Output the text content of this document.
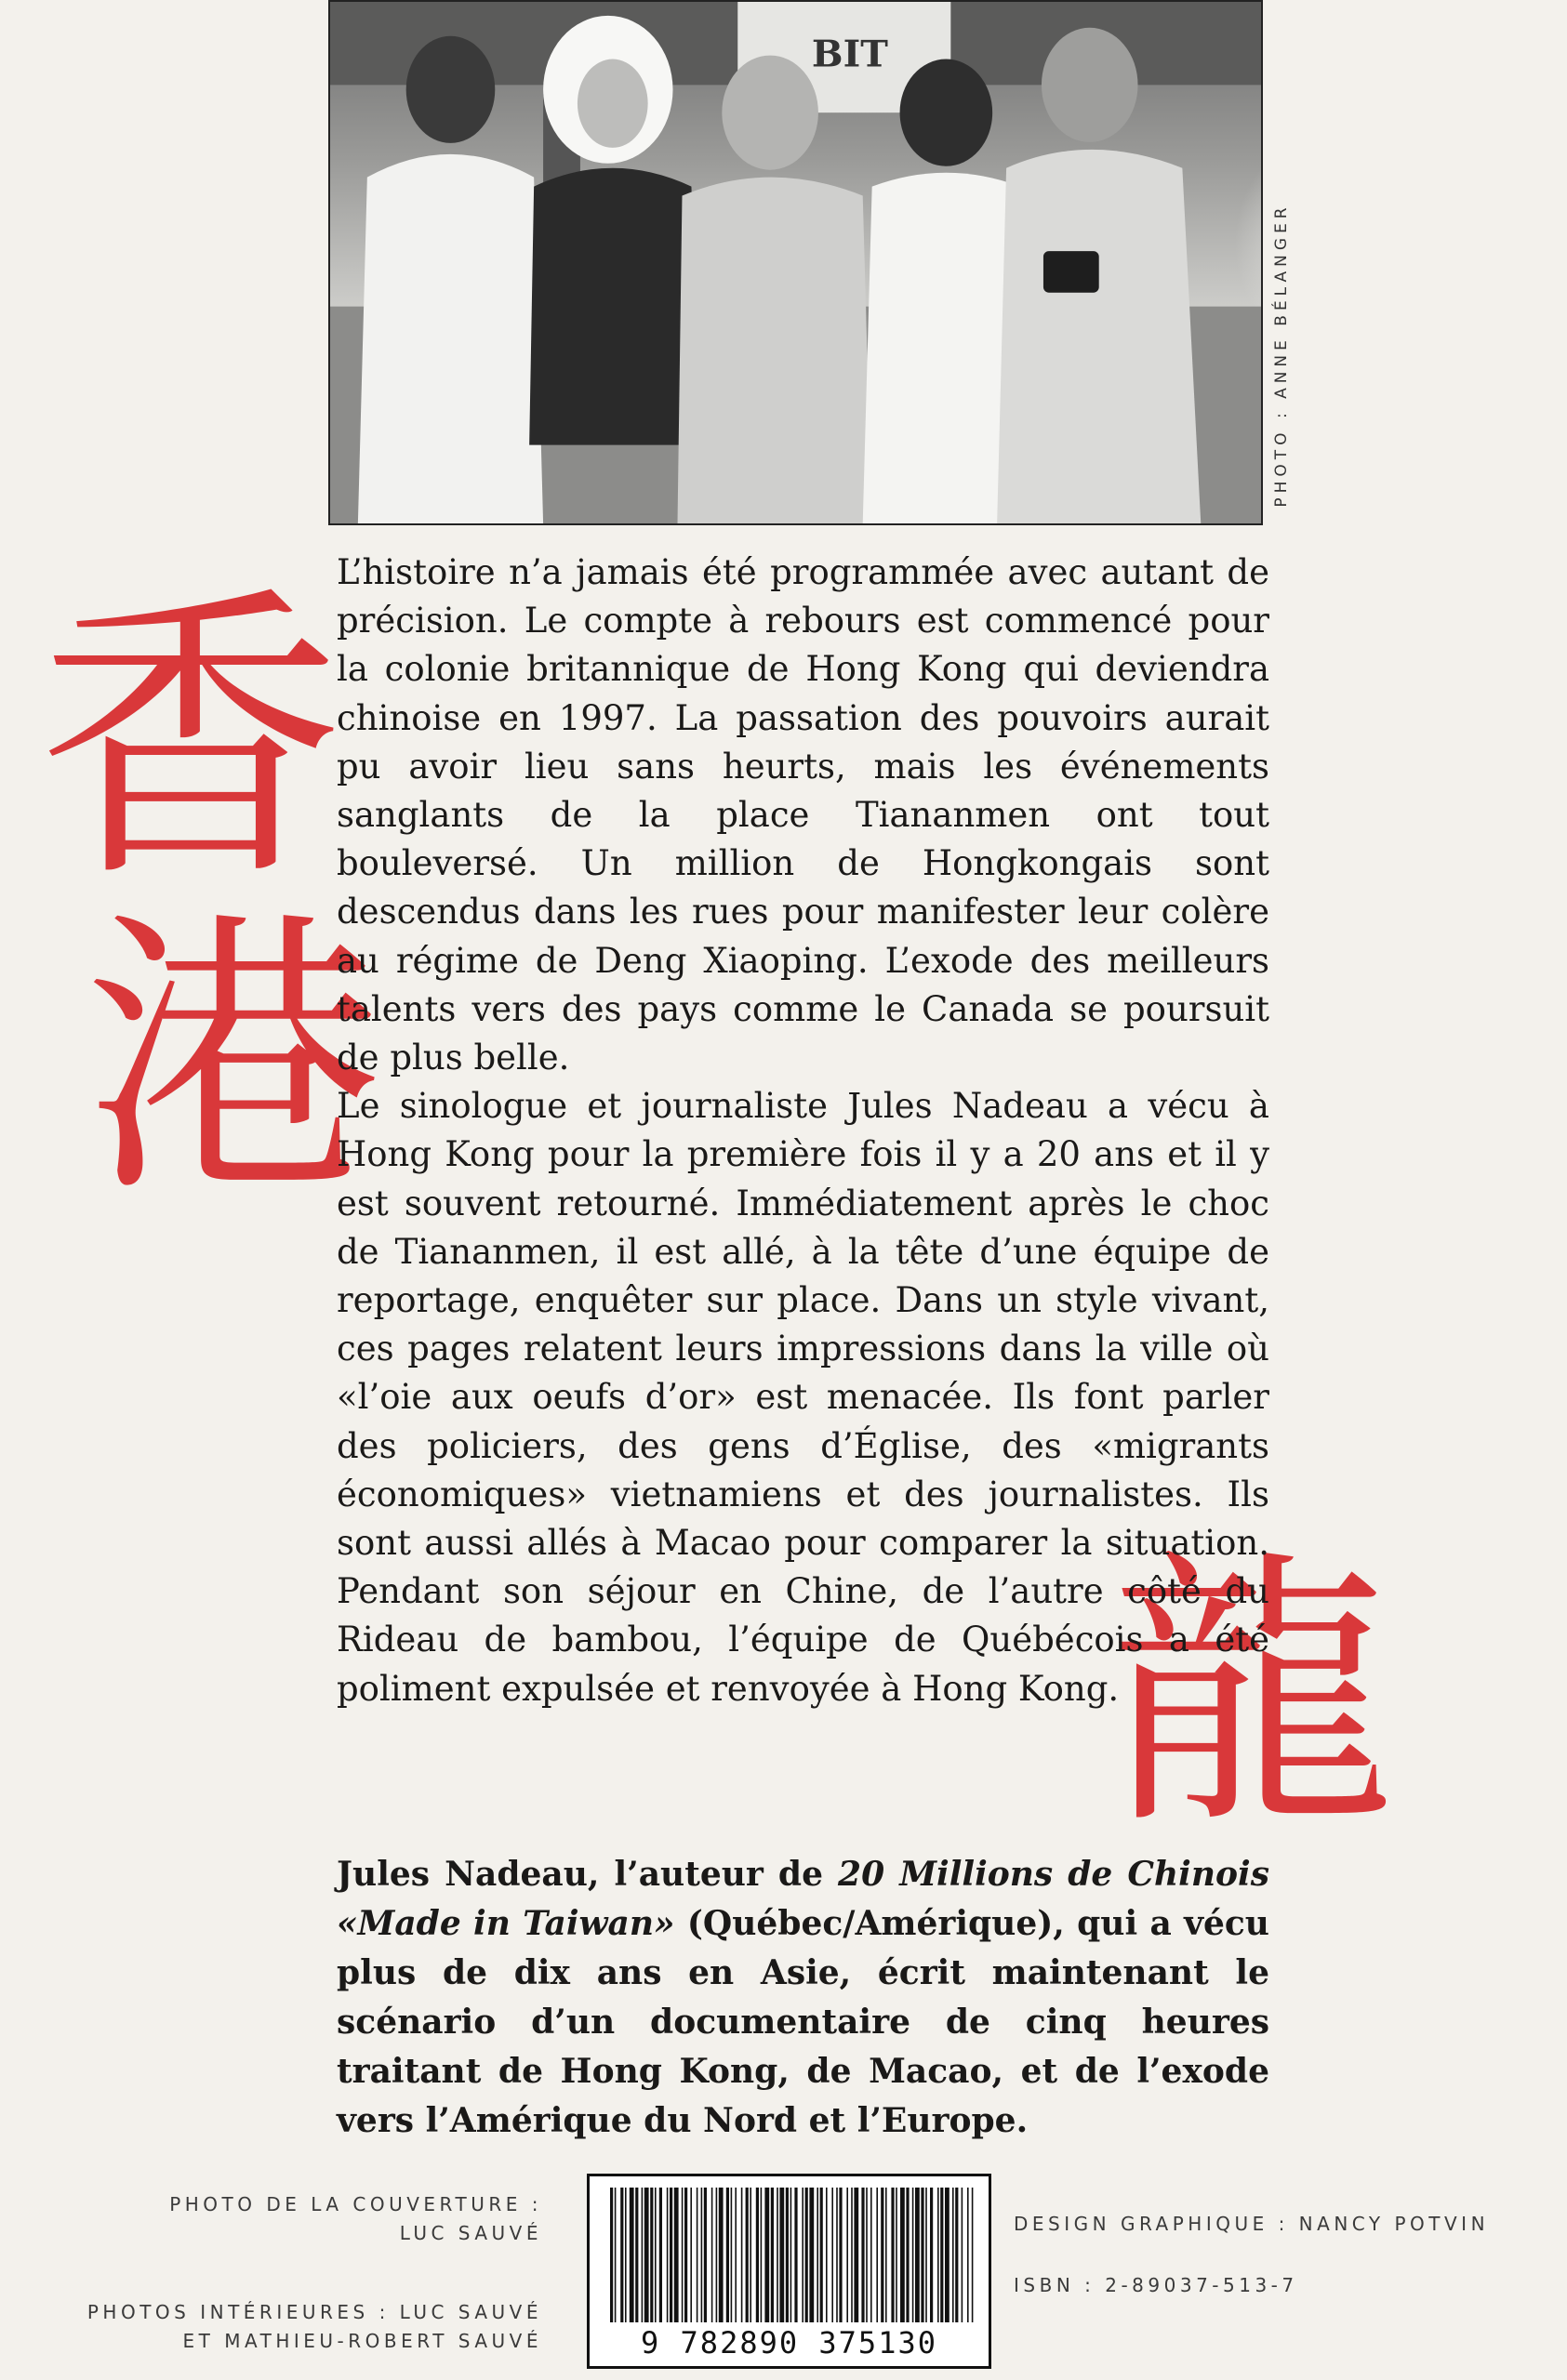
BIT
PHOTO : ANNE BÉLANGER
香
港
龍

L’histoire n’a jamais été programmée avec autant de précision. Le compte à rebours est commencé pour la colonie britannique de Hong Kong qui deviendra chinoise en 1997. La passation des pouvoirs aurait pu avoir lieu sans heurts, mais les événements sanglants de la place Tiananmen ont tout bouleversé. Un million de Hongkongais sont descendus dans les rues pour manifester leur colère au régime de Deng Xiaoping. L’exode des meilleurs talents vers des pays comme le Canada se poursuit de plus belle.

Le sinologue et journaliste Jules Nadeau a vécu à Hong Kong pour la première fois il y a 20 ans et il y est souvent retourné. Immédiatement après le choc de Tiananmen, il est allé, à la tête d’une équipe de reportage, enquêter sur place. Dans un style vivant, ces pages relatent leurs impressions dans la ville où «l’oie aux oeufs d’or» est menacée. Ils font parler des policiers, des gens d’Église, des «migrants économiques» vietnamiens et des journalistes. Ils sont aussi allés à Macao pour comparer la situation. Pendant son séjour en Chine, de l’autre côté du Rideau de bambou, l’équipe de Québécois a été poliment expulsée et renvoyée à Hong Kong.

Jules Nadeau, l’auteur de 20 Millions de Chinois «Made in Taiwan» (Québec/Amérique), qui a vécu plus de dix ans en Asie, écrit maintenant le scénario d’un documentaire de cinq heures traitant de Hong Kong, de Macao, et de l’exode vers l’Amérique du Nord et l’Europe.
PHOTO DE LA COUVERTURE :
LUC SAUVÉ
PHOTOS INTÉRIEURES : LUC SAUVÉ
ET MATHIEU-ROBERT SAUVÉ	9 782890 375130
DESIGN GRAPHIQUE : NANCY POTVIN
ISBN : 2-89037-513-7
